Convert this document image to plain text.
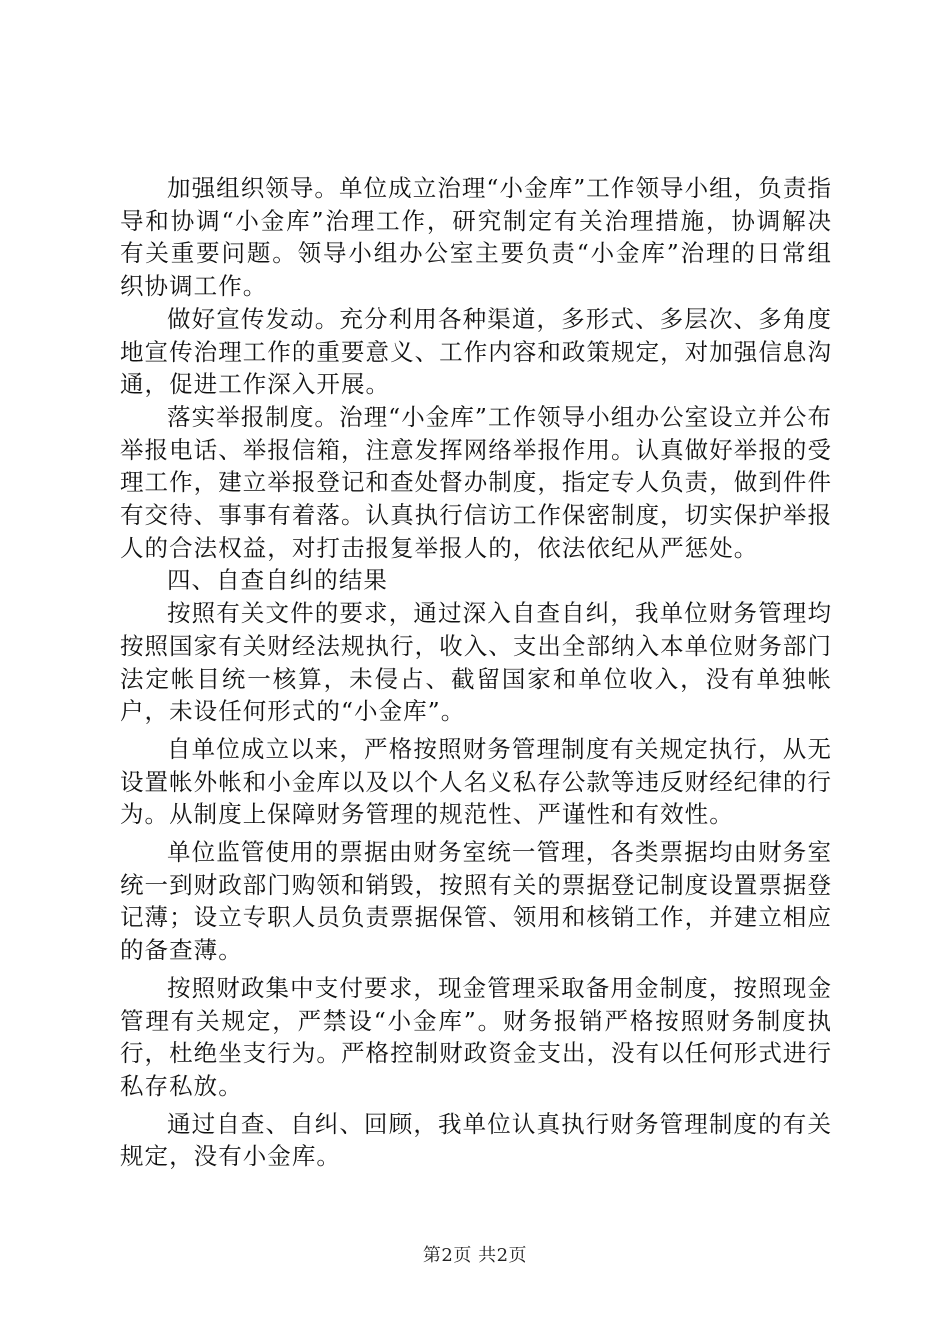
加强组织领导。单位成立治理“小金库”工作领导小组，负责指导和协调“小金库”治理工作，研究制定有关治理措施，协调解决有关重要问题。领导小组办公室主要负责“小金库”治理的日常组织协调工作。

做好宣传发动。充分利用各种渠道，多形式、多层次、多角度地宣传治理工作的重要意义、工作内容和政策规定，对加强信息沟通，促进工作深入开展。

落实举报制度。治理“小金库”工作领导小组办公室设立并公布举报电话、举报信箱，注意发挥网络举报作用。认真做好举报的受理工作，建立举报登记和查处督办制度，指定专人负责，做到件件有交待、事事有着落。认真执行信访工作保密制度，切实保护举报人的合法权益，对打击报复举报人的，依法依纪从严惩处。

四、自查自纠的结果

按照有关文件的要求，通过深入自查自纠，我单位财务管理均按照国家有关财经法规执行，收入、支出全部纳入本单位财务部门法定帐目统一核算，未侵占、截留国家和单位收入，没有单独帐户，未设任何形式的“小金库”。

自单位成立以来，严格按照财务管理制度有关规定执行，从无设置帐外帐和小金库以及以个人名义私存公款等违反财经纪律的行为。从制度上保障财务管理的规范性、严谨性和有效性。

单位监管使用的票据由财务室统一管理，各类票据均由财务室统一到财政部门购领和销毁，按照有关的票据登记制度设置票据登记薄；设立专职人员负责票据保管、领用和核销工作，并建立相应的备查薄。

按照财政集中支付要求，现金管理采取备用金制度，按照现金管理有关规定，严禁设“小金库”。财务报销严格按照财务制度执行，杜绝坐支行为。严格控制财政资金支出，没有以任何形式进行私存私放。

通过自查、自纠、回顾，我单位认真执行财务管理制度的有关规定，没有小金库。

第2页 共2页
